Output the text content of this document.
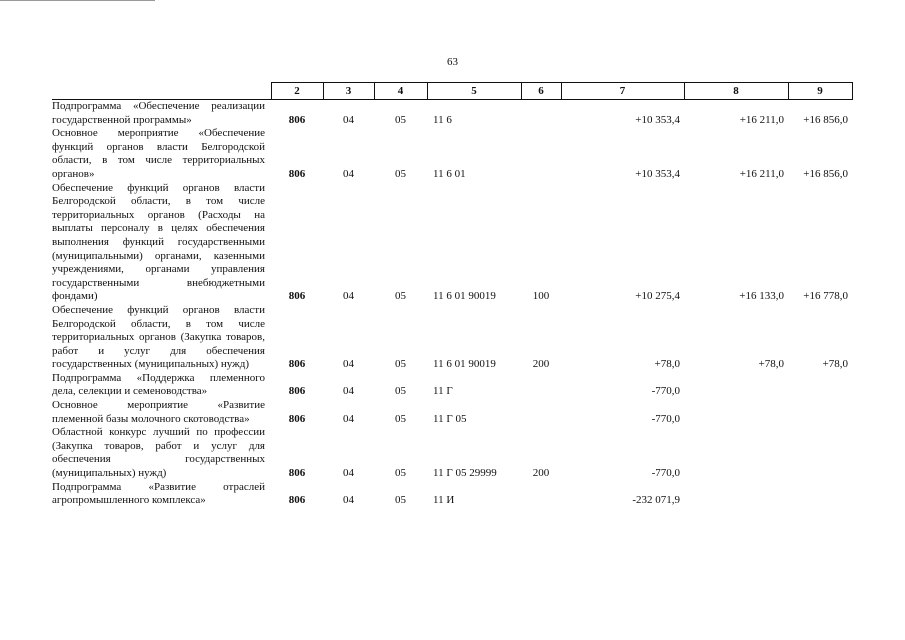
63
	2	3	4	5	6	7	8	9
Подпрограмма «Обеспечение реализации государственной программы»	806	04	05	11 6		+10 353,4	+16 211,0	+16 856,0
Основное мероприятие «Обеспечение функций органов власти Белгородской области, в том числе территориальных органов»	806	04	05	11 6 01		+10 353,4	+16 211,0	+16 856,0
Обеспечение функций органов власти Белгородской области, в том числе территориальных органов (Расходы на выплаты персоналу в целях обеспечения выполнения функций государственными (муниципальными) органами, казенными учреждениями, органами управления государственными внебюджетными фондами)	806	04	05	11 6 01 90019	100	+10 275,4	+16 133,0	+16 778,0
Обеспечение функций органов власти Белгородской области, в том числе территориальных органов (Закупка товаров, работ и услуг для обеспечения государственных (муниципальных) нужд)	806	04	05	11 6 01 90019	200	+78,0	+78,0	+78,0
Подпрограмма «Поддержка племенного дела, селекции и семеноводства»	806	04	05	11 Г		-770,0		
Основное мероприятие «Развитие племенной базы молочного скотоводства»	806	04	05	11 Г 05		-770,0		
Областной конкурс лучший по профессии (Закупка товаров, работ и услуг для обеспечения государственных (муниципальных) нужд)	806	04	05	11 Г 05 29999	200	-770,0		
Подпрограмма «Развитие отраслей агропромышленного комплекса»	806	04	05	11 И		-232 071,9		
